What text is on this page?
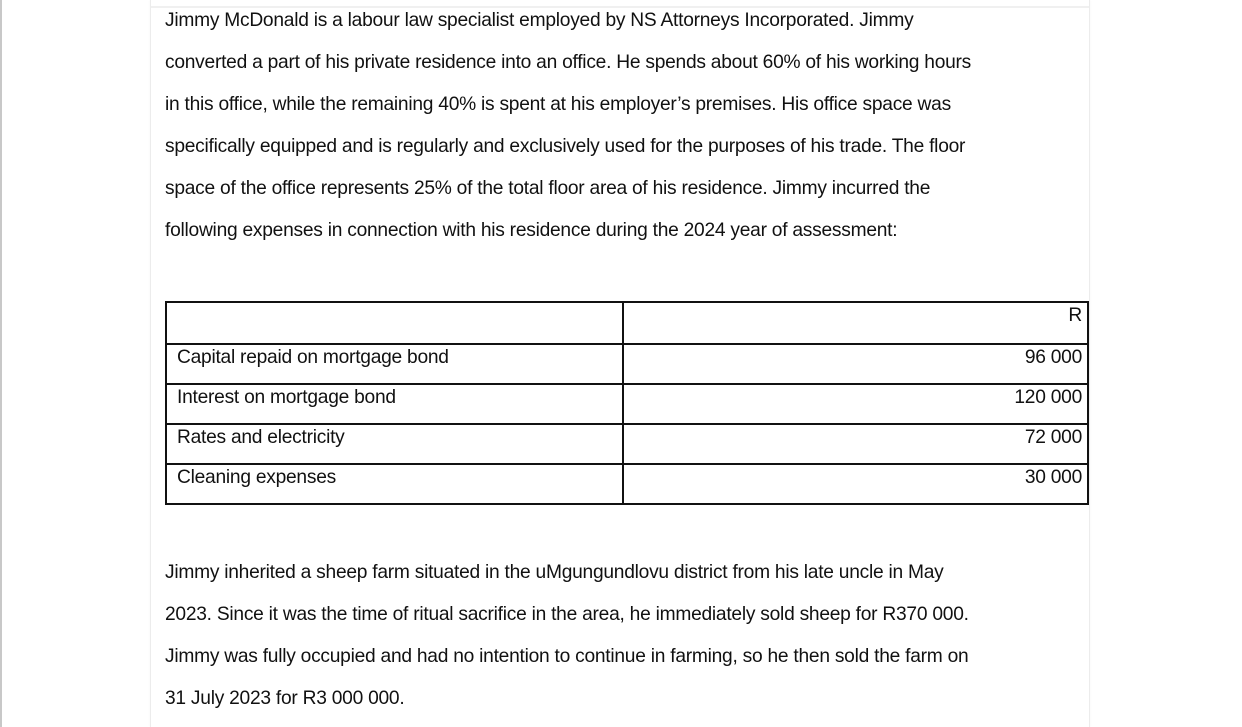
Jimmy McDonald is a labour law specialist employed by NS Attorneys Incorporated. Jimmy
converted a part of his private residence into an office. He spends about 60% of his working hours
in this office, while the remaining 40% is spent at his employer’s premises. His office space was
specifically equipped and is regularly and exclusively used for the purposes of his trade. The floor
space of the office represents 25% of the total floor area of his residence. Jimmy incurred the
following expenses in connection with his residence during the 2024 year of assessment:

	R
Capital repaid on mortgage bond	96 000
Interest on mortgage bond	120 000
Rates and electricity	72 000
Cleaning expenses	30 000

Jimmy inherited a sheep farm situated in the uMgungundlovu district from his late uncle in May
2023. Since it was the time of ritual sacrifice in the area, he immediately sold sheep for R370 000.
Jimmy was fully occupied and had no intention to continue in farming, so he then sold the farm on
31 July 2023 for R3 000 000.
